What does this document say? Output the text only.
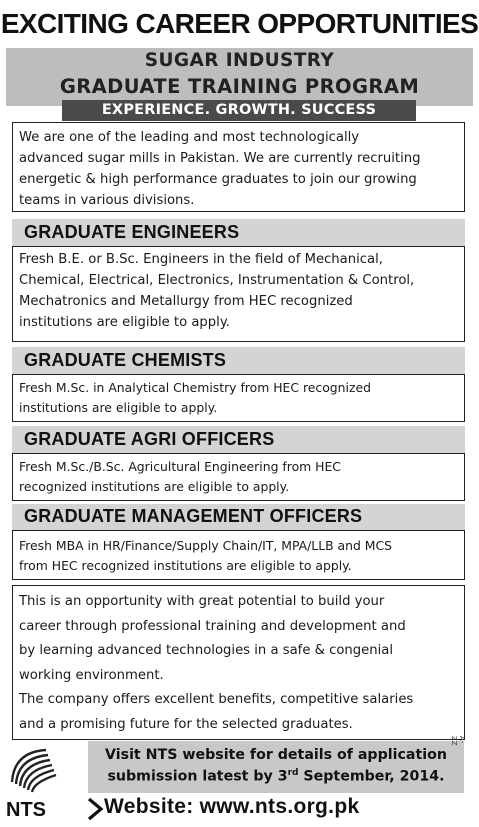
EXCITING CAREER OPPORTUNITIES
SUGAR INDUSTRY
GRADUATE TRAINING PROGRAM
EXPERIENCE. GROWTH. SUCCESS
We are one of the leading and most technologically
advanced sugar mills in Pakistan. We are currently recruiting
energetic & high performance graduates to join our growing
teams in various divisions.
GRADUATE ENGINEERS
Fresh B.E. or B.Sc. Engineers in the field of Mechanical,
Chemical, Electrical, Electronics, Instrumentation & Control,
Mechatronics and Metallurgy from HEC recognized
institutions are eligible to apply.
GRADUATE CHEMISTS
Fresh M.Sc. in Analytical Chemistry from HEC recognized
institutions are eligible to apply.
GRADUATE AGRI OFFICERS
Fresh M.Sc./B.Sc. Agricultural Engineering from HEC
recognized institutions are eligible to apply.
GRADUATE MANAGEMENT OFFICERS
Fresh MBA in HR/Finance/Supply Chain/IT, MPA/LLB and MCS
from HEC recognized institutions are eligible to apply.
This is an opportunity with great potential to build your
career through professional training and development and
by learning advanced technologies in a safe & congenial
working environment.
The company offers excellent benefits, competitive salaries
and a promising future for the selected graduates.
NTS
Visit NTS website for details of application
submission latest by 3rd September, 2014.
Website: www.nts.org.pk
A-ZZ
